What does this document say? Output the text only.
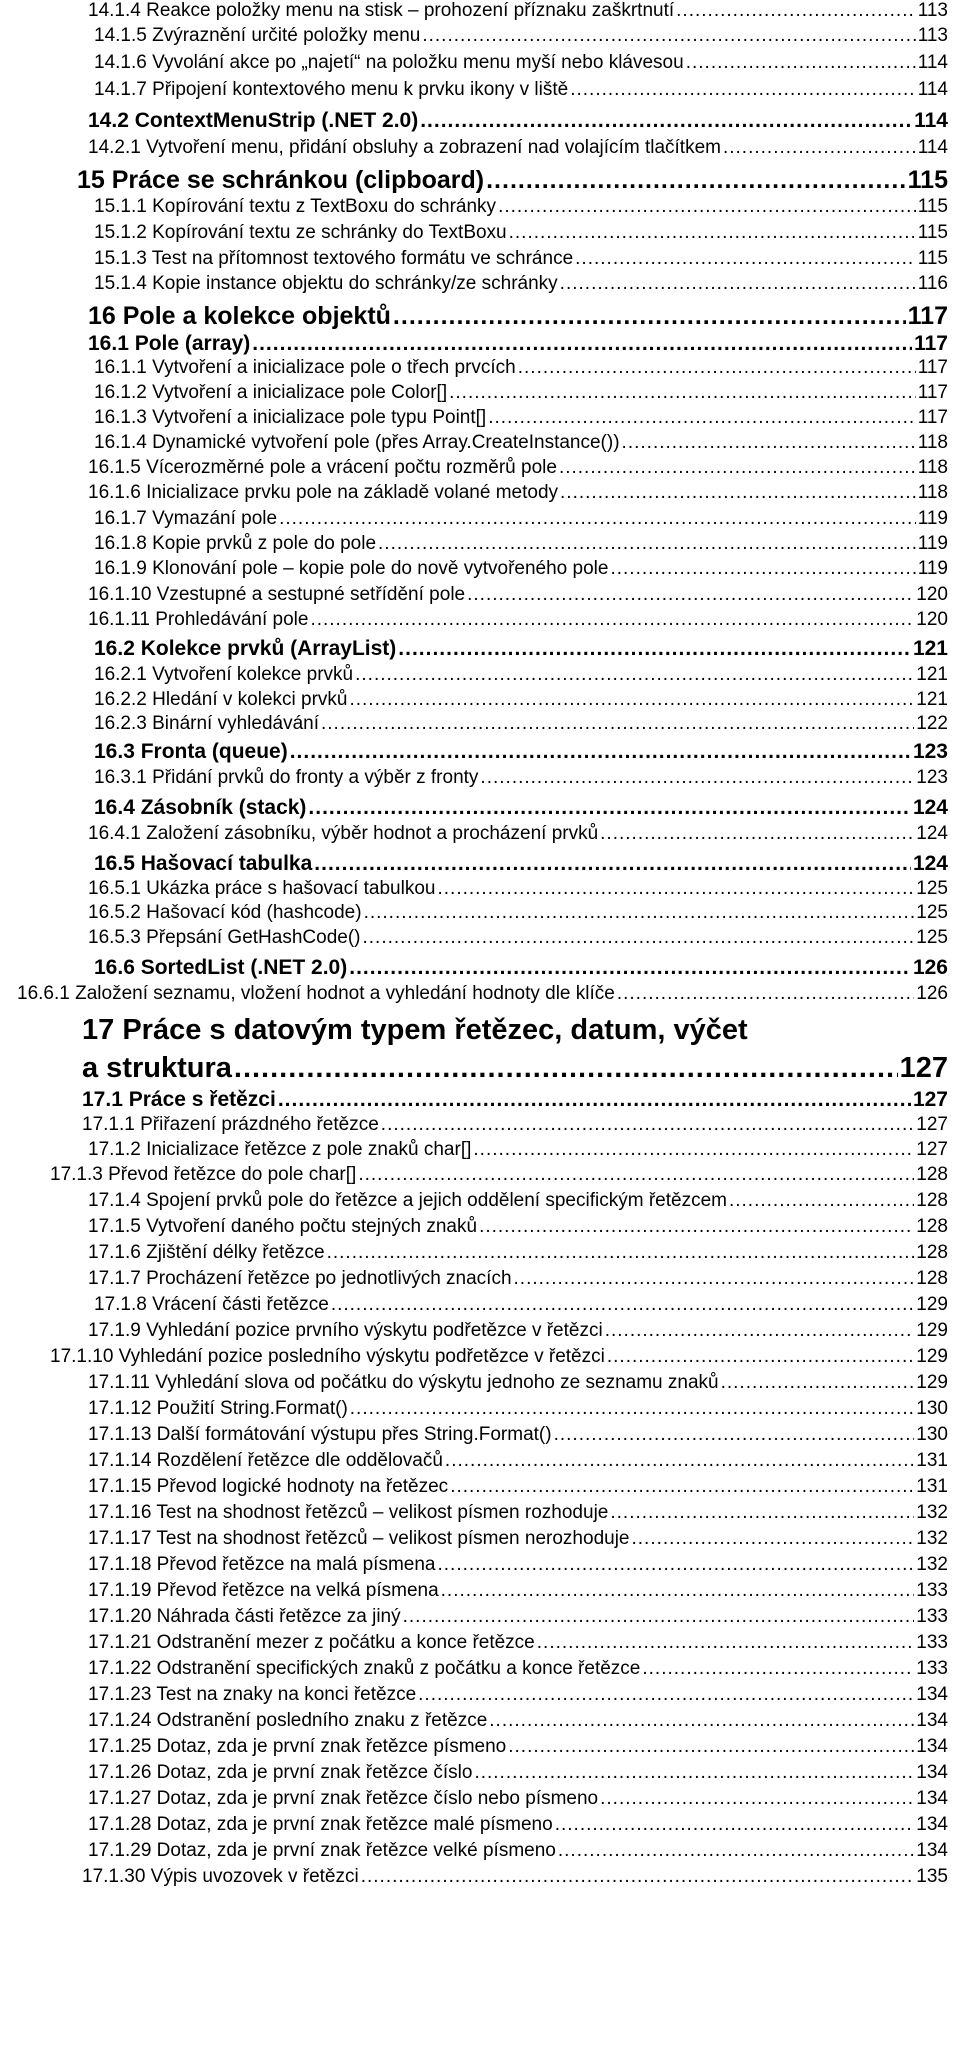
14.1.4 Reakce položky menu na stisk – prohození příznaku zaškrtnutí .....	113
14.1.5 Zvýraznění určité položky menu .....	113
14.1.6 Vyvolání akce po „najetí“ na položku menu myší nebo klávesou .....	114
14.1.7 Připojení kontextového menu k prvku ikony v liště .....	114
14.2 ContextMenuStrip (.NET 2.0) .....	114
14.2.1 Vytvoření menu, přidání obsluhy a zobrazení nad volajícím tlačítkem .....	114
15 Práce se schránkou (clipboard) .....	115
15.1.1 Kopírování textu z TextBoxu do schránky .....	115
15.1.2 Kopírování textu ze schránky do TextBoxu .....	115
15.1.3 Test na přítomnost textového formátu ve schránce .....	115
15.1.4 Kopie instance objektu do schránky/ze schránky .....	116
16 Pole a kolekce objektů .....	117
16.1 Pole (array) .....	117
16.1.1 Vytvoření a inicializace pole o třech prvcích .....	117
16.1.2 Vytvoření a inicializace pole Color[] .....	117
16.1.3 Vytvoření a inicializace pole typu Point[] .....	117
16.1.4 Dynamické vytvoření pole (přes Array.CreateInstance()) .....	118
16.1.5 Vícerozměrné pole a vrácení počtu rozměrů pole .....	118
16.1.6 Inicializace prvku pole na základě volané metody .....	118
16.1.7 Vymazání pole .....	119
16.1.8 Kopie prvků z pole do pole .....	119
16.1.9 Klonování pole – kopie pole do nově vytvořeného pole .....	119
16.1.10 Vzestupné a sestupné setřídění pole .....	120
16.1.11 Prohledávání pole .....	120
16.2 Kolekce prvků (ArrayList) .....	121
16.2.1 Vytvoření kolekce prvků .....	121
16.2.2 Hledání v kolekci prvků .....	121
16.2.3 Binární vyhledávání .....	122
16.3 Fronta (queue) .....	123
16.3.1 Přidání prvků do fronty a výběr z fronty .....	123
16.4 Zásobník (stack) .....	124
16.4.1 Založení zásobníku, výběr hodnot a procházení prvků .....	124
16.5 Hašovací tabulka .....	124
16.5.1 Ukázka práce s hašovací tabulkou .....	125
16.5.2 Hašovací kód (hashcode) .....	125
16.5.3 Přepsání GetHashCode() .....	125
16.6 SortedList (.NET 2.0) .....	126
16.6.1 Založení seznamu, vložení hodnot a vyhledání hodnoty dle klíče .....	126
17 Práce s datovým typem řetězec, datum, výčet
a struktura .....	127
17.1 Práce s řetězci .....	127
17.1.1 Přiřazení prázdného řetězce .....	127
17.1.2 Inicializace řetězce z pole znaků char[] .....	127
17.1.3 Převod řetězce do pole char[] .....	128
17.1.4 Spojení prvků pole do řetězce a jejich oddělení specifickým řetězcem .....	128
17.1.5 Vytvoření daného počtu stejných znaků .....	128
17.1.6 Zjištění délky řetězce .....	128
17.1.7 Procházení řetězce po jednotlivých znacích .....	128
17.1.8 Vrácení části řetězce .....	129
17.1.9 Vyhledání pozice prvního výskytu podřetězce v řetězci .....	129
17.1.10 Vyhledání pozice posledního výskytu podřetězce v řetězci .....	129
17.1.11 Vyhledání slova od počátku do výskytu jednoho ze seznamu znaků .....	129
17.1.12 Použití String.Format() .....	130
17.1.13 Další formátování výstupu přes String.Format() .....	130
17.1.14 Rozdělení řetězce dle oddělovačů .....	131
17.1.15 Převod logické hodnoty na řetězec .....	131
17.1.16 Test na shodnost řetězců – velikost písmen rozhoduje .....	132
17.1.17 Test na shodnost řetězců – velikost písmen nerozhoduje .....	132
17.1.18 Převod řetězce na malá písmena .....	132
17.1.19 Převod řetězce na velká písmena .....	133
17.1.20 Náhrada části řetězce za jiný .....	133
17.1.21 Odstranění mezer z počátku a konce řetězce .....	133
17.1.22 Odstranění specifických znaků z počátku a konce řetězce .....	133
17.1.23 Test na znaky na konci řetězce .....	134
17.1.24 Odstranění posledního znaku z řetězce .....	134
17.1.25 Dotaz, zda je první znak řetězce písmeno .....	134
17.1.26 Dotaz, zda je první znak řetězce číslo .....	134
17.1.27 Dotaz, zda je první znak řetězce číslo nebo písmeno .....	134
17.1.28 Dotaz, zda je první znak řetězce malé písmeno .....	134
17.1.29 Dotaz, zda je první znak řetězce velké písmeno .....	134
17.1.30 Výpis uvozovek v řetězci .....	135
